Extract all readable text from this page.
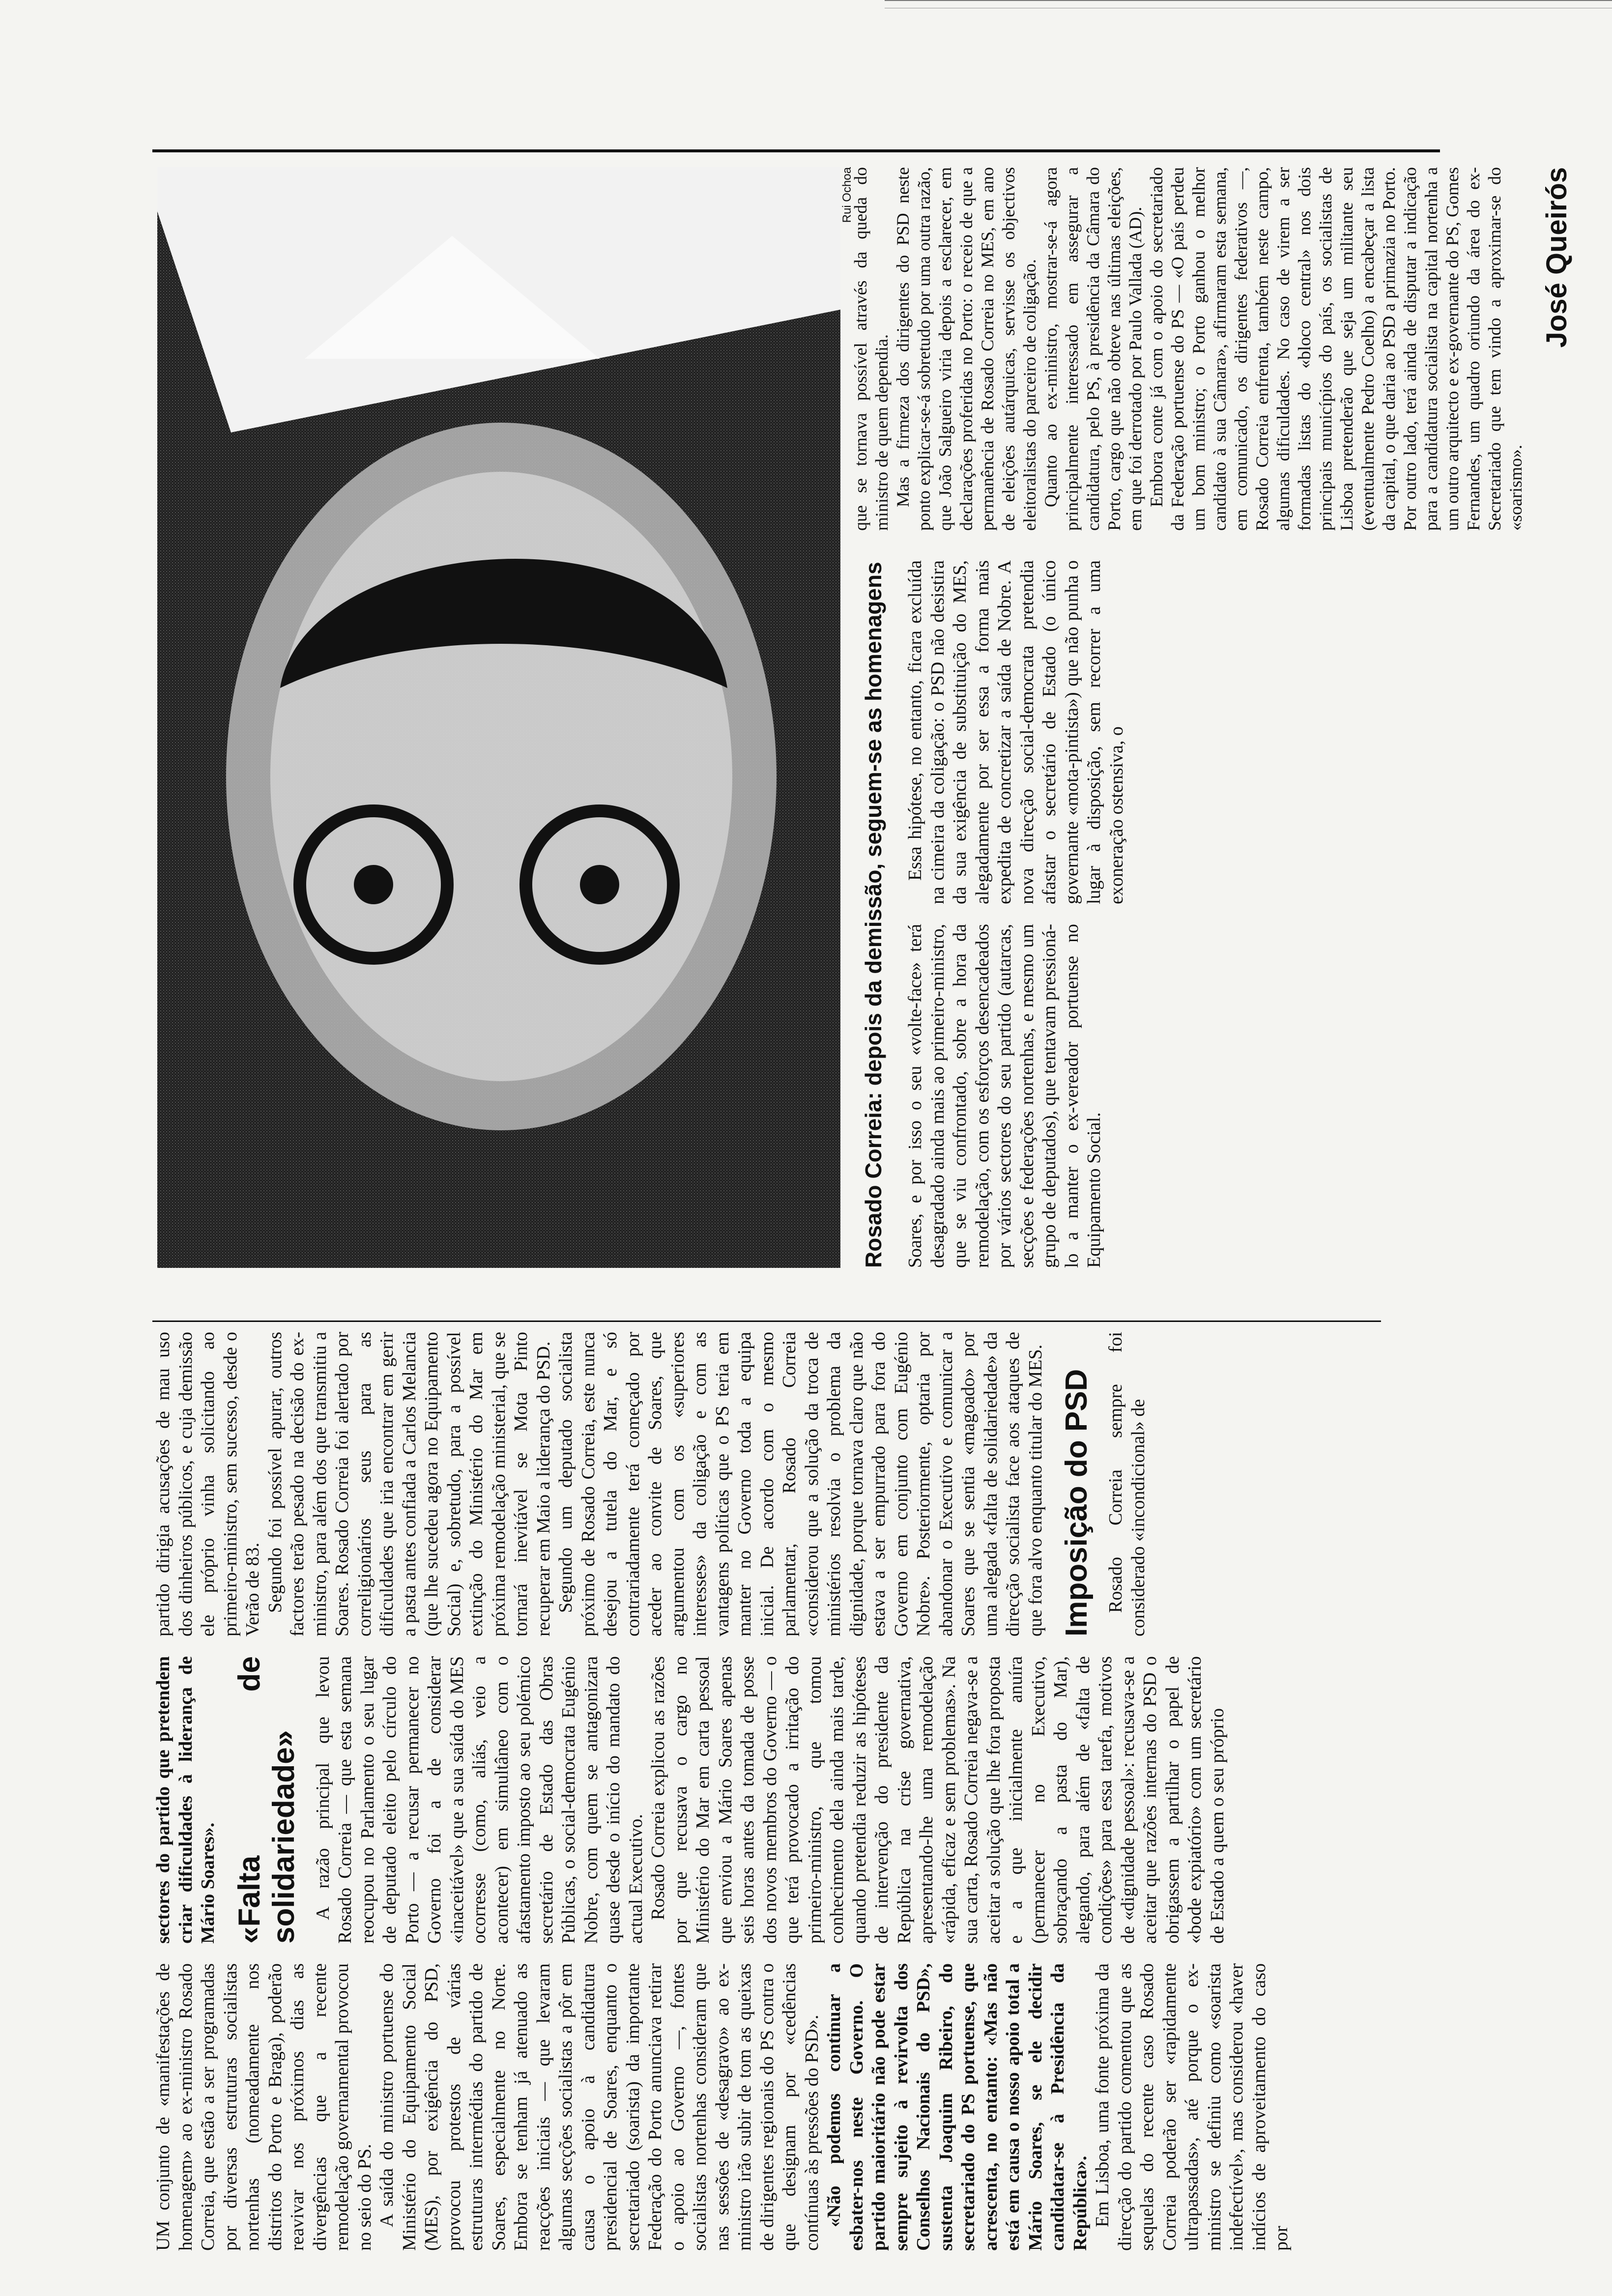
UM conjunto de «manifestações de homenagem» ao ex-ministro Rosado Correia, que estão a ser programadas por diversas estruturas socialistas nortenhas (nomeadamente nos distritos do Porto e Braga), poderão reavivar nos próximos dias as divergências que a recente remodelação governamental provocou no seio do PS. A saída do ministro portuense do Ministério do Equipamento Social (MES), por exigência do PSD, provocou protestos de várias estruturas intermédias do partido de Soares, especialmente no Norte. Embora se tenham já atenuado as reacções iniciais — que levaram algumas secções socialistas a pôr em causa o apoio à candidatura presidencial de Soares, enquanto o secretariado (soarista) da importante Federação do Porto anunciava retirar o apoio ao Governo —, fontes socialistas nortenhas consideram que nas sessões de «desagravo» ao ex-ministro irão subir de tom as queixas de dirigentes regionais do PS contra o que designam por «cedências contínuas às pressões do PSD». «Não podemos continuar a esbater-nos neste Governo. O partido maioritário não pode estar sempre sujeito à revirvolta dos Conselhos Nacionais do PSD», sustenta Joaquim Ribeiro, do secretariado do PS portuense, que acrescenta, no entanto: «Mas não está em causa o nosso apoio total a Mário Soares, se ele decidir candidatar-se à Presidência da República». Em Lisboa, uma fonte próxima da direcção do partido comentou que as sequelas do recente caso Rosado Correia poderão ser «rapidamente ultrapassadas», até porque o ex-ministro se definiu como «soarista indefectível», mas considerou «haver indícios de aproveitamento do caso por

sectores do partido que pretendem criar dificuldades à liderança de Mário Soares». «Falta de solidariedade» A razão principal que levou Rosado Correia — que esta semana reocupou no Parlamento o seu lugar de deputado eleito pelo círculo do Porto — a recusar permanecer no Governo foi a de considerar «inaceitável» que a sua saída do MES ocorresse (como, aliás, veio a acontecer) em simultâneo com o afastamento imposto ao seu polémico secretário de Estado das Obras Públicas, o social-democrata Eugénio Nobre, com quem se antagonizara quase desde o início do mandato do actual Executivo. Rosado Correia explicou as razões por que recusava o cargo no Ministério do Mar em carta pessoal que enviou a Mário Soares apenas seis horas antes da tomada de posse dos novos membros do Governo — o que terá provocado a irritação do primeiro-ministro, que tomou conhecimento dela ainda mais tarde, quando pretendia reduzir as hipóteses de intervenção do presidente da República na crise governativa, apresentando-lhe uma remodelação «rápida, eficaz e sem problemas». Na sua carta, Rosado Correia negava-se a aceitar a solução que lhe fora proposta e a que inicialmente anuíra (permanecer no Executivo, sobraçando a pasta do Mar), alegando, para além de «falta de condições» para essa tarefa, motivos de «dignidade pessoal»: recusava-se a aceitar que razões internas do PSD o obrigassem a partilhar o papel de «bode expiatório» com um secretário de Estado a quem o seu próprio

partido dirigia acusações de mau uso dos dinheiros públicos, e cuja demissão ele próprio vinha solicitando ao primeiro-ministro, sem sucesso, desde o Verão de 83. Segundo foi possível apurar, outros factores terão pesado na decisão do ex-ministro, para além dos que transmitiu a Soares. Rosado Correia foi alertado por correligionários seus para as dificuldades que iria encontrar em gerir a pasta antes confiada a Carlos Melancia (que lhe sucedeu agora no Equipamento Social) e, sobretudo, para a possível extinção do Ministério do Mar em próxima remodelação ministerial, que se tornará inevitável se Mota Pinto recuperar em Maio a liderança do PSD. Segundo um deputado socialista próximo de Rosado Correia, este nunca desejou a tutela do Mar, e só contrariadamente terá começado por aceder ao convite de Soares, que argumentou com os «superiores interesses» da coligação e com as vantagens políticas que o PS teria em manter no Governo toda a equipa inicial. De acordo com o mesmo parlamentar, Rosado Correia «considerou que a solução da troca de ministérios resolvia o problema da dignidade, porque tornava claro que não estava a ser empurrado para fora do Governo em conjunto com Eugénio Nobre». Posteriormente, optaria por abandonar o Executivo e comunicar a Soares que se sentia «magoado» por uma alegada «falta de solidariedade» da direcção socialista face aos ataques de que fora alvo enquanto titular do MES. Imposição do PSD Rosado Correia sempre foi considerado «incondicional» de

Rui Ochoa
Rosado Correia: depois da demissão, seguem-se as homenagens Soares, e por isso o seu «volte-face» terá desagradado ainda mais ao primeiro-ministro, que se viu confrontado, sobre a hora da remodelação, com os esforços desencadeados por vários sectores do seu partido (autarcas, secções e federações nortenhas, e mesmo um grupo de deputados), que tentavam pressioná-lo a manter o ex-vereador portuense no Equipamento Social.

Essa hipótese, no entanto, ficara excluída na cimeira da coligação: o PSD não desistira da sua exigência de substituição do MES, alegadamente por ser essa a forma mais expedita de concretizar a saída de Nobre. A nova direcção social-democrata pretendia afastar o secretário de Estado (o único governante «mota-pintista») que não punha o lugar à disposição, sem recorrer a uma exoneração ostensiva, o

que se tornava possível através da queda do ministro de quem dependia. Mas a firmeza dos dirigentes do PSD neste ponto explicar-se-á sobretudo por uma outra razão, que João Salgueiro viria depois a esclarecer, em declarações proferidas no Porto: o receio de que a permanência de Rosado Correia no MES, em ano de eleições autárquicas, servisse os objectivos eleitoralistas do parceiro de coligação. Quanto ao ex-ministro, mostrar-se-á agora principalmente interessado em assegurar a candidatura, pelo PS, à presidência da Câmara do Porto, cargo que não obteve nas últimas eleições, em que foi derrotado por Paulo Vallada (AD). Embora conte já com o apoio do secretariado da Federação portuense do PS — «O país perdeu um bom ministro; o Porto ganhou o melhor candidato à sua Câmara», afirmaram esta semana, em comunicado, os dirigentes federativos —, Rosado Correia enfrenta, também neste campo, algumas dificuldades. No caso de virem a ser formadas listas do «bloco central» nos dois principais municípios do país, os socialistas de Lisboa pretenderão que seja um militante seu (eventualmente Pedro Coelho) a encabeçar a lista da capital, o que daria ao PSD a primazia no Porto. Por outro lado, terá ainda de disputar a indicação para a candidatura socialista na capital nortenha a um outro arquitecto e ex-governante do PS, Gomes Fernandes, um quadro oriundo da área do ex-Secretariado que tem vindo a aproximar-se do «soarismo».

José Queirós
